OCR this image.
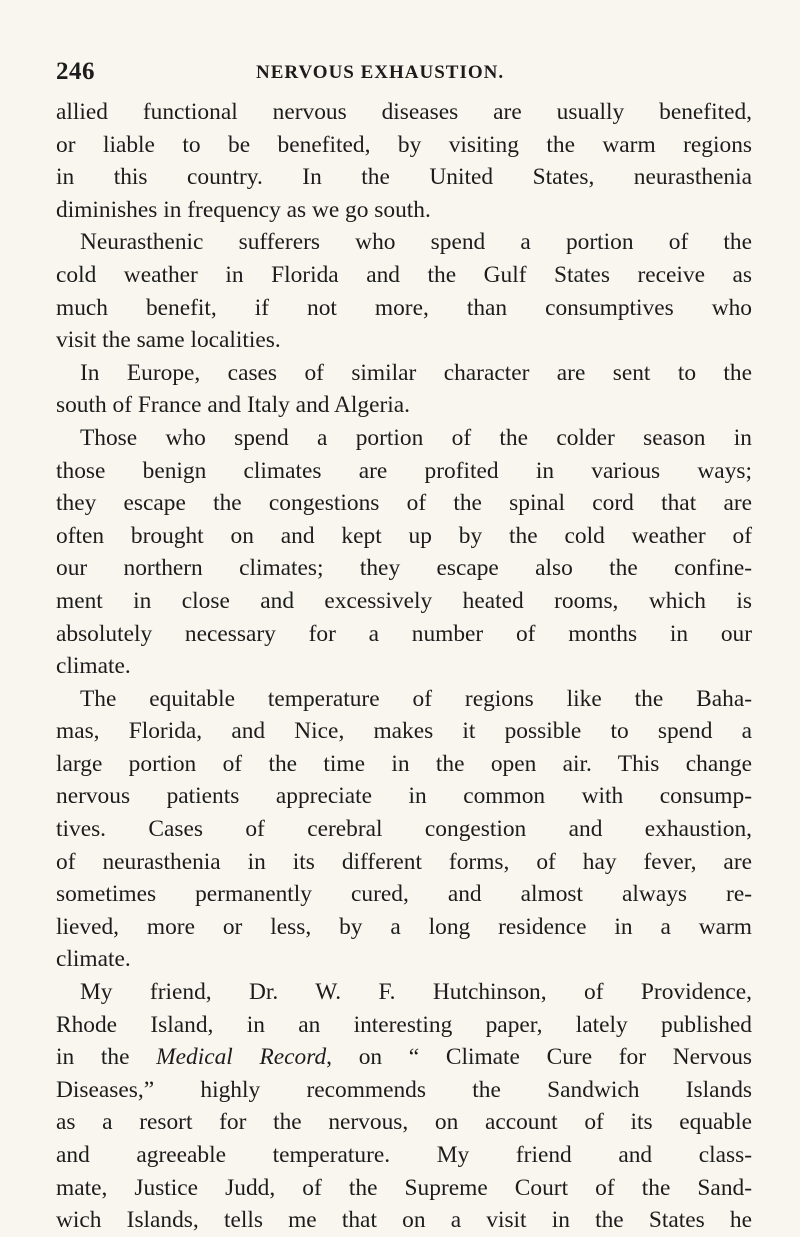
246	NERVOUS EXHAUSTION.
allied functional nervous diseases are usually benefited,
or liable to be benefited, by visiting the warm regions
in this country. In the United States, neurasthenia
diminishes in frequency as we go south.
Neurasthenic sufferers who spend a portion of the
cold weather in Florida and the Gulf States receive as
much benefit, if not more, than consumptives who
visit the same localities.
In Europe, cases of similar character are sent to the
south of France and Italy and Algeria.
Those who spend a portion of the colder season in
those benign climates are profited in various ways;
they escape the congestions of the spinal cord that are
often brought on and kept up by the cold weather of
our northern climates; they escape also the confine-
ment in close and excessively heated rooms, which is
absolutely necessary for a number of months in our
climate.
The equitable temperature of regions like the Baha-
mas, Florida, and Nice, makes it possible to spend a
large portion of the time in the open air. This change
nervous patients appreciate in common with consump-
tives. Cases of cerebral congestion and exhaustion,
of neurasthenia in its different forms, of hay fever, are
sometimes permanently cured, and almost always re-
lieved, more or less, by a long residence in a warm
climate.
My friend, Dr. W. F. Hutchinson, of Providence,
Rhode Island, in an interesting paper, lately published
in the Medical Record, on “ Climate Cure for Nervous
Diseases,” highly recommends the Sandwich Islands
as a resort for the nervous, on account of its equable
and agreeable temperature. My friend and class-
mate, Justice Judd, of the Supreme Court of the Sand-
wich Islands, tells me that on a visit in the States he
